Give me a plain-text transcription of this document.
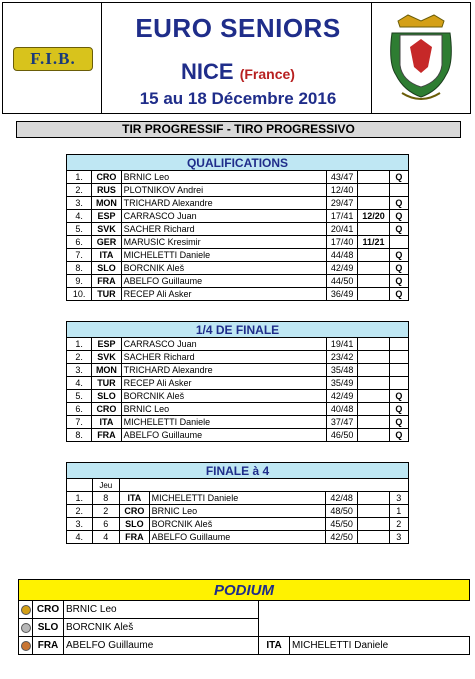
F.I.B.
EURO SENIORS
NICE (France)
15 au 18 Décembre 2016
TIR PROGRESSIF - TIRO PROGRESSIVO
QUALIFICATIONS					
1.	CRO	BRNIC Leo	43/47		Q
2.	RUS	PLOTNIKOV Andrei	12/40		
3.	MON	TRICHARD Alexandre	29/47		Q
4.	ESP	CARRASCO Juan	17/41	12/20	Q
5.	SVK	SACHER Richard	20/41		Q
6.	GER	MARUSIC Kresimir	17/40	11/21	
7.	ITA	MICHELETTI Daniele	44/48		Q
8.	SLO	BORCNIK Aleš	42/49		Q
9.	FRA	ABELFO Guillaume	44/50		Q
10.	TUR	RECEP Ali Asker	36/49		Q
1/4 DE FINALE					
1.	ESP	CARRASCO Juan	19/41		
2.	SVK	SACHER Richard	23/42		
3.	MON	TRICHARD Alexandre	35/48		
4.	TUR	RECEP Ali Asker	35/49		
5.	SLO	BORCNIK Aleš	42/49		Q
6.	CRO	BRNIC Leo	40/48		Q
7.	ITA	MICHELETTI Daniele	37/47		Q
8.	FRA	ABELFO Guillaume	46/50		Q
FINALE à 4						
	Jeu					
1.	8	ITA	MICHELETTI Daniele	42/48		3
2.	2	CRO	BRNIC Leo	48/50		1
3.	6	SLO	BORCNIK Aleš	45/50		2
4.	4	FRA	ABELFO Guillaume	42/50		3
PODIUM				
	CRO	BRNIC Leo		
	SLO	BORCNIK Aleš		
	FRA	ABELFO Guillaume	ITA	MICHELETTI Daniele
